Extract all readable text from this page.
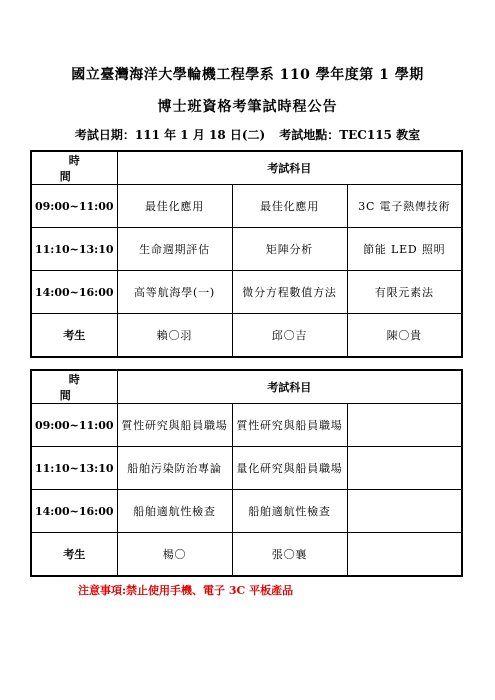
國立臺灣海洋大學輪機工程學系 110 學年度第 1 學期
博士班資格考筆試時程公告
考試日期：111 年 1 月 18 日(二) 考試地點：TEC115 教室
時 間	考試科目		
09:00~11:00	最佳化應用	最佳化應用	3C 電子熱傳技術
11:10~13:10	生命週期評估	矩陣分析	節能 LED 照明
14:00~16:00	高等航海學(一)	微分方程數值方法	有限元素法
考生	賴〇羽	邱〇吉	陳〇貴
時 間	考試科目		
09:00~11:00	質性研究與船員職場	質性研究與船員職場	
11:10~13:10	船舶污染防治專論	量化研究與船員職場	
14:00~16:00	船舶適航性檢查	船舶適航性檢查	
考生	楊〇	張〇襄	
注意事項:禁止使用手機、電子 3C 平板產品
